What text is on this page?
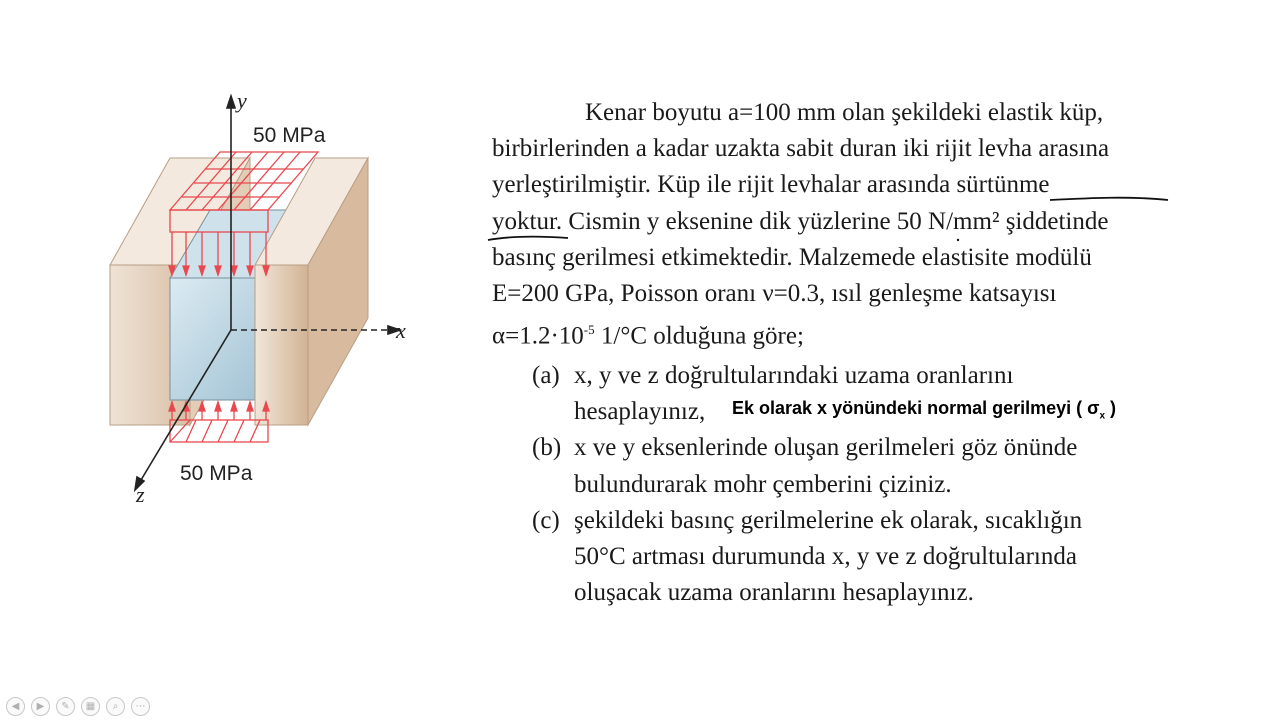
y
x
z
50 MPa
50 MPa

Kenar boyutu a=100 mm olan şekildeki elastik küp,

birbirlerinden a kadar uzakta sabit duran iki rijit levha arasına

yerleştirilmiştir. Küp ile rijit levhalar arasında sürtünme

yoktur. Cismin y eksenine dik yüzlerine 50 N/mm² şiddetinde

basınç gerilmesi etkimektedir. Malzemede elastisite modülü

E=200 GPa, Poisson oranı ν=0.3, ısıl genleşme katsayısı

$\alpha=1.2\cdot 10^{-5}$ 1/°C olduğuna göre;

(a) x, y ve z doğrultularındaki uzama oranlarını
hesaplayınız,
(b) x ve y eksenlerinde oluşan gerilmeleri göz önünde
bulundurarak mohr çemberini çiziniz.
(c) şekildeki basınç gerilmelerine ek olarak, sıcaklığın
50°C artması durumunda x, y ve z doğrultularında
oluşacak uzama oranlarını hesaplayınız.
Ek olarak x yönündeki normal gerilmeyi ( $\sigma_x$ )
◀	▶	✎	▦	⌕	⋯
